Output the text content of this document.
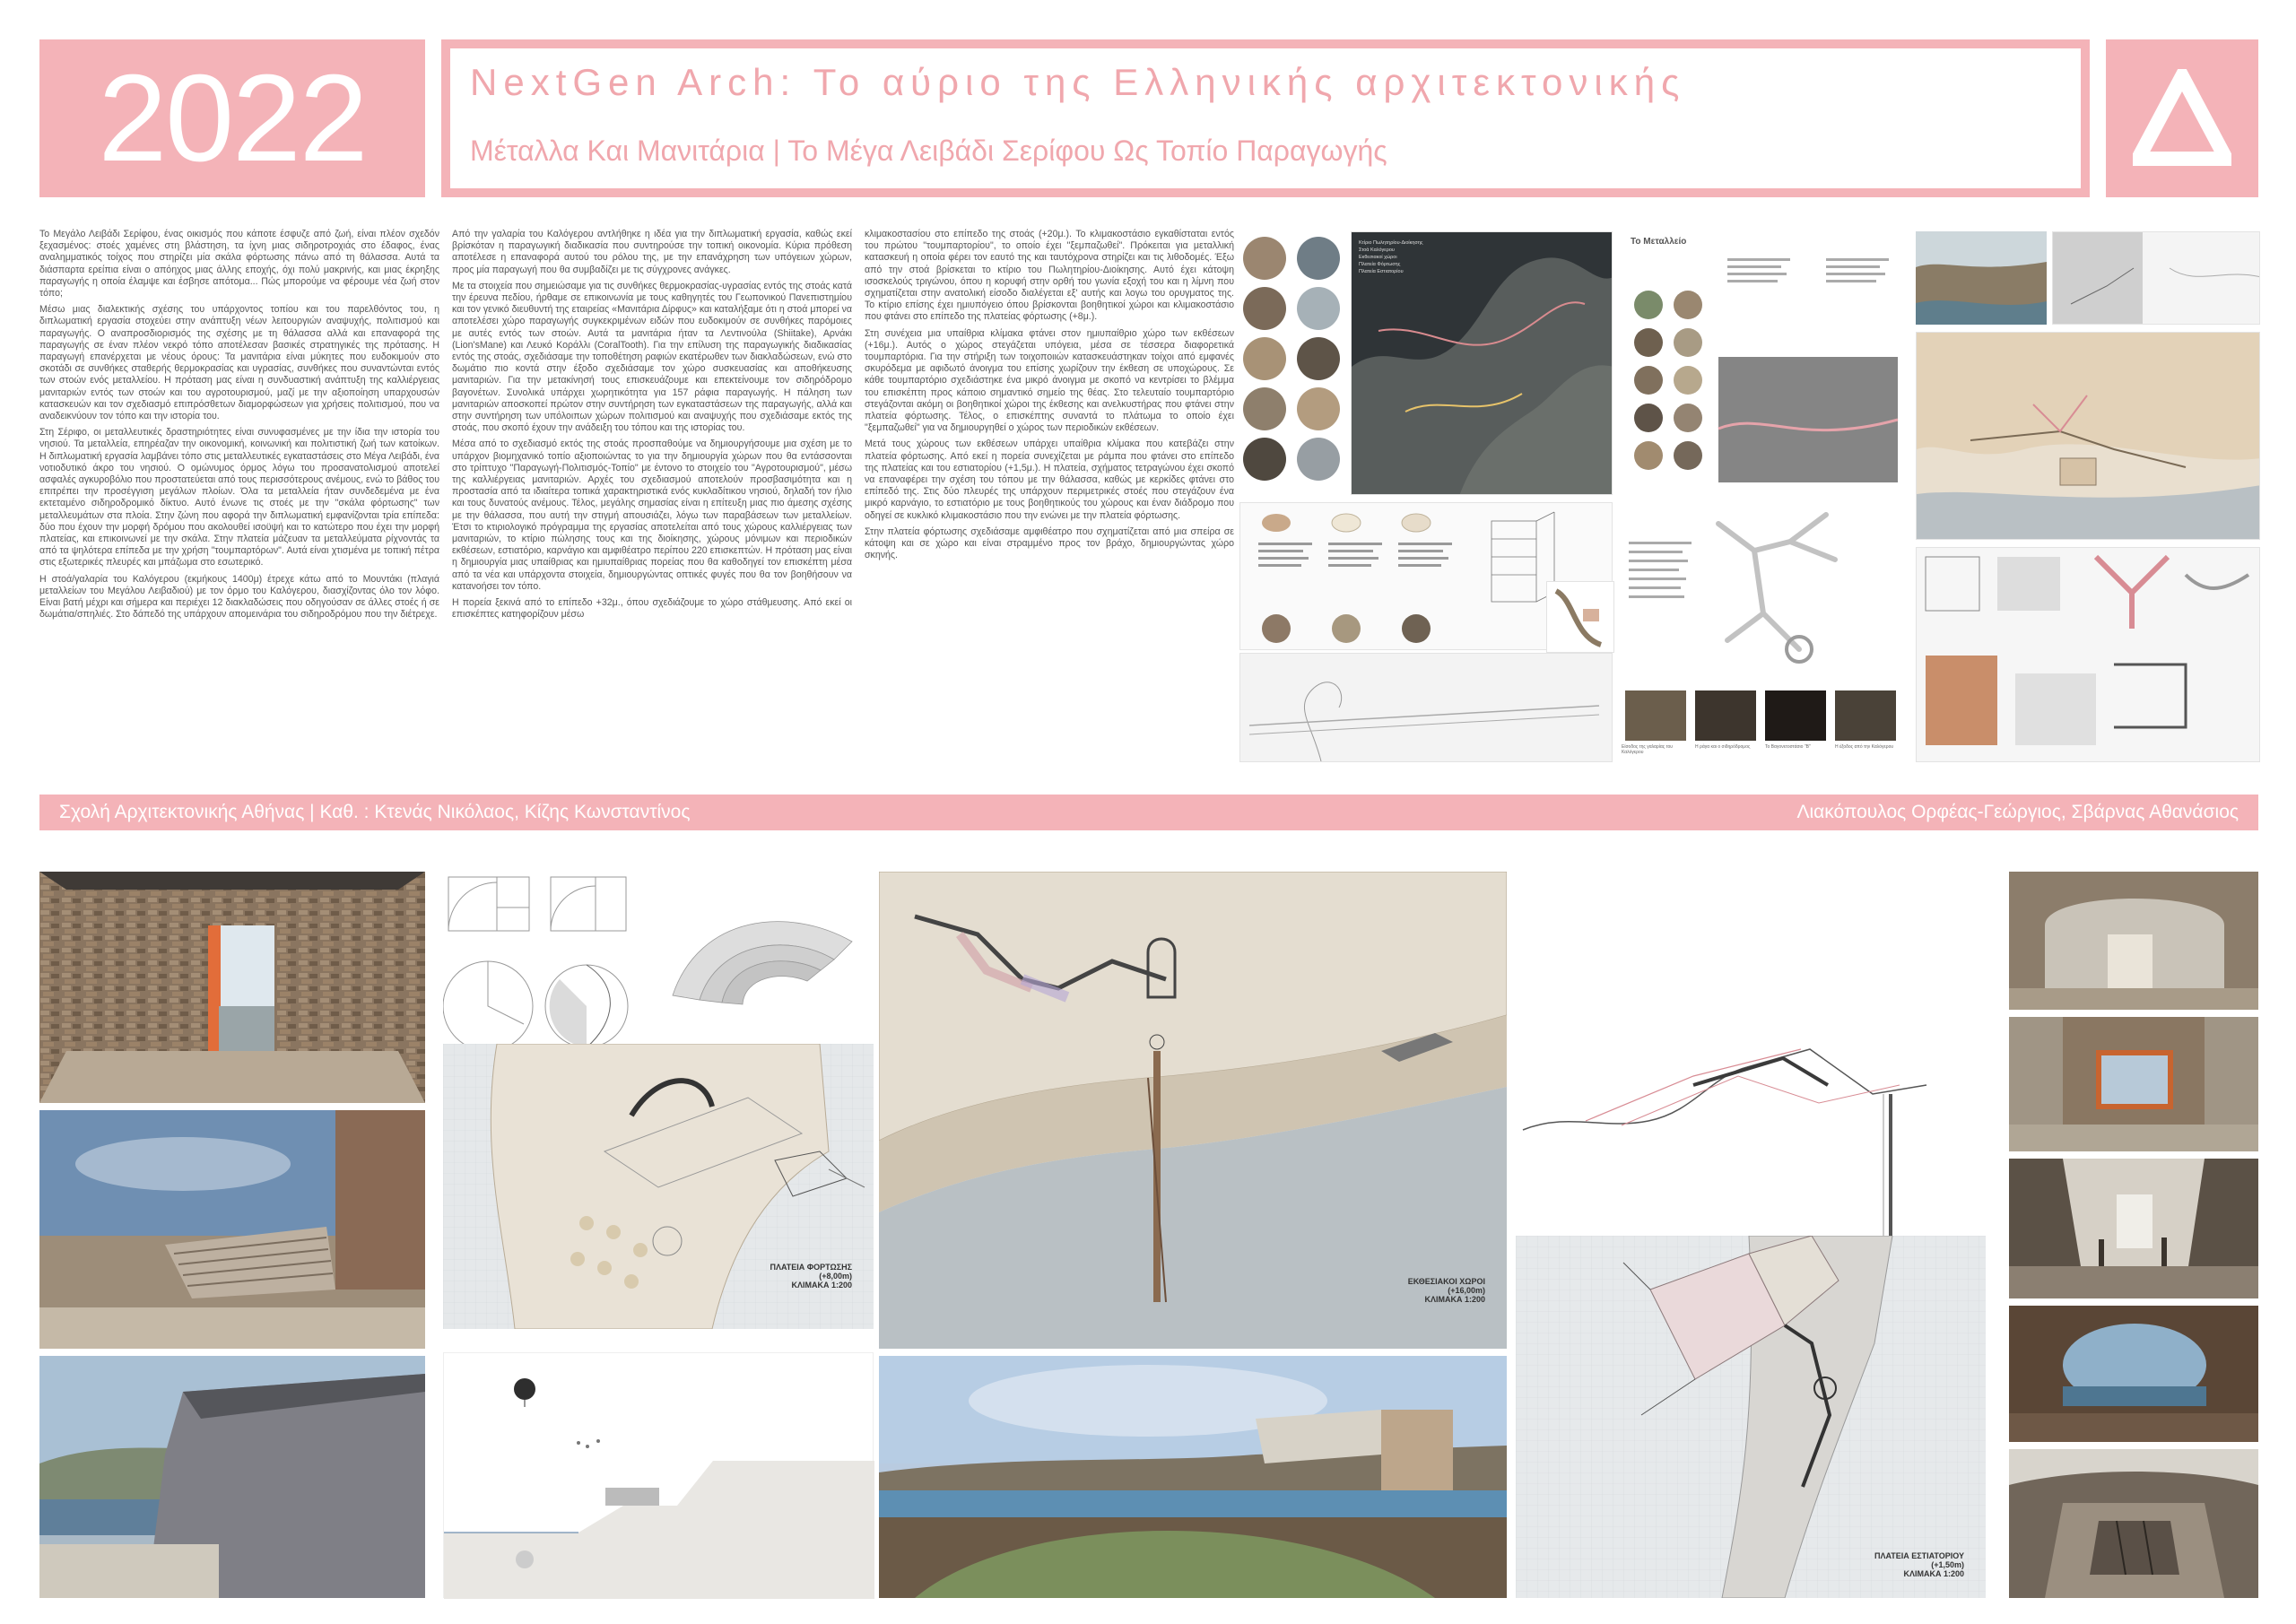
2022	NextGen Arch: Το αύριο της Ελληνικής αρχιτεκτονικής
Μέταλλα Και Μανιτάρια | Το Μέγα Λειβάδι Σερίφου Ως Τοπίο Παραγωγής

Το Μεγάλο Λειβάδι Σερίφου, ένας οικισμός που κάποτε έσφυζε από ζωή, είναι πλέον σχεδόν ξεχασμένος: στοές χαμένες στη βλάστηση, τα ίχνη μιας σιδηροτροχιάς στο έδαφος, ένας αναλημματικός τοίχος που στηρίζει μία σκάλα φόρτωσης πάνω από τη θάλασσα. Αυτά τα διάσπαρτα ερείπια είναι ο απόηχος μιας άλλης εποχής, όχι πολύ μακρινής, και μιας έκρηξης παραγωγής η οποία έλαμψε και έσβησε απότομα... Πώς μπορούμε να φέρουμε νέα ζωή στον τόπο;

Μέσω μιας διαλεκτικής σχέσης του υπάρχοντος τοπίου και του παρελθόντος του, η διπλωματική εργασία στοχεύει στην ανάπτυξη νέων λειτουργιών αναψυχής, πολιτισμού και παραγωγής. Ο αναπροσδιορισμός της σχέσης με τη θάλασσα αλλά και επαναφορά της παραγωγής σε έναν πλέον νεκρό τόπο αποτέλεσαν βασικές στρατηγικές της πρότασης. Η παραγωγή επανέρχεται με νέους όρους: Τα μανιτάρια είναι μύκητες που ευδοκιμούν στο σκοτάδι σε συνθήκες σταθερής θερμοκρασίας και υγρασίας, συνθήκες που συναντώνται εντός των στοών ενός μεταλλείου. Η πρόταση μας είναι η συνδυαστική ανάπτυξη της καλλιέργειας μανιταριών εντός των στοών και του αγροτουρισμού, μαζί με την αξιοποίηση υπαρχουσών κατασκευών και τον σχεδιασμό επιπρόσθετων διαμορφώσεων για χρήσεις πολιτισμού, που να αναδεικνύουν τον τόπο και την ιστορία του.

Στη Σέριφο, οι μεταλλευτικές δραστηριότητες είναι συνυφασμένες με την ίδια την ιστορία του νησιού. Τα μεταλλεία, επηρέαζαν την οικονομική, κοινωνική και πολιτιστική ζωή των κατοίκων. Η διπλωματική εργασία λαμβάνει τόπο στις μεταλλευτικές εγκαταστάσεις στο Μέγα Λειβάδι, ένα νοτιοδυτικό άκρο του νησιού. Ο ομώνυμος όρμος λόγω του προσανατολισμού αποτελεί ασφαλές αγκυροβόλιο που προστατεύεται από τους περισσότερους ανέμους, ενώ το βάθος του επιτρέπει την προσέγγιση μεγάλων πλοίων. Όλα τα μεταλλεία ήταν συνδεδεμένα με ένα εκτεταμένο σιδηροδρομικό δίκτυο. Αυτό ένωνε τις στοές με την "σκάλα φόρτωσης" των μεταλλευμάτων στα πλοία. Στην ζώνη που αφορά την διπλωματική εμφανίζονται τρία επίπεδα: δύο που έχουν την μορφή δρόμου που ακολουθεί ισοϋψή και το κατώτερο που έχει την μορφή πλατείας, και επικοινωνεί με την σκάλα. Στην πλατεία μάζευαν τα μεταλλεύματα ρίχνοντάς τα από τα ψηλότερα επίπεδα με την χρήση "τουμπαρτόρων". Αυτά είναι χτισμένα με τοπική πέτρα στις εξωτερικές πλευρές και μπάζωμα στο εσωτερικό.

Η στοά/γαλαρία του Καλόγερου (εκμήκους 1400μ) έτρεχε κάτω από το Μουντάκι (πλαγιά μεταλλείων του Μεγάλου Λειβαδιού) με τον όρμο του Καλόγερου, διασχίζοντας όλο τον λόφο. Είναι βατή μέχρι και σήμερα και περιέχει 12 διακλαδώσεις που οδηγούσαν σε άλλες στοές ή σε δωμάτια/σπηλιές. Στο δάπεδό της υπάρχουν απομεινάρια του σιδηροδρόμου που την διέτρεχε.

Από την γαλαρία του Καλόγερου αντλήθηκε η ιδέα για την διπλωματική εργασία, καθώς εκεί βρίσκόταν η παραγωγική διαδικασία που συντηρούσε την τοπική οικονομία. Κύρια πρόθεση αποτέλεσε η επαναφορά αυτού του ρόλου της, με την επανάχρηση των υπόγειων χώρων, προς μία παραγωγή που θα συμβαδίζει με τις σύγχρονες ανάγκες.

Με τα στοιχεία που σημειώσαμε για τις συνθήκες θερμοκρασίας-υγρασίας εντός της στοάς κατά την έρευνα πεδίου, ήρθαμε σε επικοινωνία με τους καθηγητές του Γεωπονικού Πανεπιστημίου και τον γενικό διευθυντή της εταιρείας «Μανιτάρια Δίρφυς» και καταλήξαμε ότι η στοά μπορεί να αποτελέσει χώρο παραγωγής συγκεκριμένων ειδών που ευδοκιμούν σε συνθήκες παρόμοιες με αυτές εντός των στοών. Αυτά τα μανιτάρια ήταν τα Λεντινούλα (Shiitake), Αρνάκι (Lion'sMane) και Λευκό Κοράλλι (CoralTooth). Για την επίλυση της παραγωγικής διαδικασίας εντός της στοάς, σχεδιάσαμε την τοποθέτηση ραφιών εκατέρωθεν των διακλαδώσεων, ενώ στο δωμάτιο πιο κοντά στην έξοδο σχεδιάσαμε τον χώρο συσκευασίας και αποθήκευσης μανιταριών. Για την μετακίνησή τους επισκευάζουμε και επεκτείνουμε τον σιδηρόδρομο βαγονέτων. Συνολικά υπάρχει χωρητικότητα για 157 ράφια παραγωγής. Η πάληση των μανιταριών αποσκοπεί πρώτον στην συντήρηση των εγκαταστάσεων της παραγωγής, αλλά και στην συντήρηση των υπόλοιπων χώρων πολιτισμού και αναψυχής που σχεδιάσαμε εκτός της στοάς, που σκοπό έχουν την ανάδειξη του τόπου και της ιστορίας του.

Μέσα από το σχεδιασμό εκτός της στοάς προσπαθούμε να δημιουργήσουμε μια σχέση με το υπάρχον βιομηχανικό τοπίο αξιοποιώντας το για την δημιουργία χώρων που θα εντάσσονται στο τρίπτυχο "Παραγωγή-Πολιτισμός-Τοπίο" με έντονο το στοιχείο του "Αγροτουρισμού", μέσω της καλλιέργειας μανιταριών. Αρχές του σχεδιασμού αποτελούν προσβασιμότητα και η προστασία από τα ιδιαίτερα τοπικά χαρακτηριστικά ενός κυκλαδίτικου νησιού, δηλαδή τον ήλιο και τους δυνατούς ανέμους. Τέλος, μεγάλης σημασίας είναι η επίτευξη μιας πιο άμεσης σχέσης με την θάλασσα, που αυτή την στιγμή απουσιάζει, λόγω των παραβάσεων των μεταλλείων. Έτσι το κτιριολογικό πρόγραμμα της εργασίας αποτελείται από τους χώρους καλλιέργειας των μανιταριών, το κτίριο πώλησης τους και της διοίκησης, χώρους μόνιμων και περιοδικών εκθέσεων, εστιατόριο, καρνάγιο και αμφιθέατρο περίπου 220 επισκεπτών. Η πρόταση μας είναι η δημιουργία μιας υπαίθριας και ημιυπαίθριας πορείας που θα καθοδηγεί τον επισκέπτη μέσα από τα νέα και υπάρχοντα στοιχεία, δημιουργώντας οπτικές φυγές που θα τον βοηθήσουν να κατανοήσει τον τόπο.

Η πορεία ξεκινά από το επίπεδο +32μ., όπου σχεδιάζουμε το χώρο στάθμευσης. Από εκεί οι επισκέπτες κατηφορίζουν μέσω

κλιμακοστασίου στο επίπεδο της στοάς (+20μ.). Το κλιμακοστάσιο εγκαθίσταται εντός του πρώτου "τουμπαρτορίου", το οποίο έχει "ξεμπαζωθεί". Πρόκειται για μεταλλική κατασκευή η οποία φέρει τον εαυτό της και ταυτόχρονα στηρίζει και τις λιθοδομές. Έξω από την στοά βρίσκεται το κτίριο του Πωλητηρίου-Διοίκησης. Αυτό έχει κάτοψη ισοσκελούς τριγώνου, όπου η κορυφή στην ορθή του γωνία εξοχή του και η λίμνη που σχηματίζεται στην ανατολική είσοδο διαλέγεται εξ' αυτής και λογω του ορυγματος της. Το κτίριο επίσης έχει ημιυπόγειο όπου βρίσκονται βοηθητικοί χώροι και κλιμακοστάσιο που φτάνει στο επίπεδο της πλατείας φόρτωσης (+8μ.).

Στη συνέχεια μια υπαίθρια κλίμακα φτάνει στον ημιυπαίθριο χώρο των εκθέσεων (+16μ.). Αυτός ο χώρος στεγάζεται υπόγεια, μέσα σε τέσσερα διαφορετικά τουμπαρτόρια. Για την στήριξη των τοιχοποιιών κατασκευάστηκαν τοίχοι από εμφανές σκυρόδεμα με αφιδωτό άνοιγμα του επίσης χωρίζουν την έκθεση σε υποχώρους. Σε κάθε τουμπαρτόριο σχεδιάστηκε ένα μικρό άνοιγμα με σκοπό να κεντρίσει το βλέμμα του επισκέπτη προς κάποιο σημαντικό σημείο της θέας. Στο τελευταίο τουμπαρτόριο στεγάζονται ακόμη οι βοηθητικοί χώροι της έκθεσης και ανελκυστήρας που φτάνει στην πλατεία φόρτωσης. Τέλος, ο επισκέπτης συναντά το πλάτωμα το οποίο έχει "ξεμπαζωθεί" για να δημιουργηθεί ο χώρος των περιοδικών εκθέσεων.

Μετά τους χώρους των εκθέσεων υπάρχει υπαίθρια κλίμακα που κατεβάζει στην πλατεία φόρτωσης. Από εκεί η πορεία συνεχίζεται με ράμπα που φτάνει στο επίπεδο της πλατείας και του εστιατορίου (+1,5μ.). Η πλατεία, σχήματος τετραγώνου έχει σκοπό να επαναφέρει την σχέση του τόπου με την θάλασσα, καθώς με κερκίδες φτάνει στο επίπεδό της. Στις δύο πλευρές της υπάρχουν περιμετρικές στοές που στεγάζουν ένα μικρό καρνάγιο, το εστιατόριο με τους βοηθητικούς του χώρους και έναν διάδρομο που οδηγεί σε κυκλικό κλιμακοστάσιο που την ενώνει με την πλατεία φόρτωσης.

Στην πλατεία φόρτωσης σχεδιάσαμε αμφιθέατρο που σχηματίζεται από μια σπείρα σε κάτοψη και σε χώρο και είναι στραμμένο προς τον βράχο, δημιουργώντας χώρο σκηνής.

Κτίριο Πωλητηρίου-Διοίκησης
Στοά Καλόγερου
Εκθεσιακοί χώροι
Πλατεία Φόρτωσης
Πλατεία Εστιατορίου
Το Μεταλλείο
Είσοδος της γαλαρίας του Καλόγερου
Η ράγα και ο σιδηρόδρομος	Το Βαγονετοστάσιο "Β"	Η έξοδος από την Καλόγερου
Σχολή Αρχιτεκτονικής Αθήνας | Καθ. : Κτενάς Νικόλαος, Κίζης Κωνσταντίνος	Λιακόπουλος Ορφέας-Γεώργιος, Σβάρνας Αθανάσιος
ΠΛΑΤΕΙΑ ΦΟΡΤΩΣΗΣ
(+8,00m)
ΚΛΙΜΑΚΑ 1:200	ΕΚΘΕΣΙΑΚΟΙ ΧΩΡΟΙ
(+16,00m)
ΚΛΙΜΑΚΑ 1:200
ΠΛΑΤΕΙΑ ΕΣΤΙΑΤΟΡΙΟΥ
(+1,50m)
ΚΛΙΜΑΚΑ 1:200
